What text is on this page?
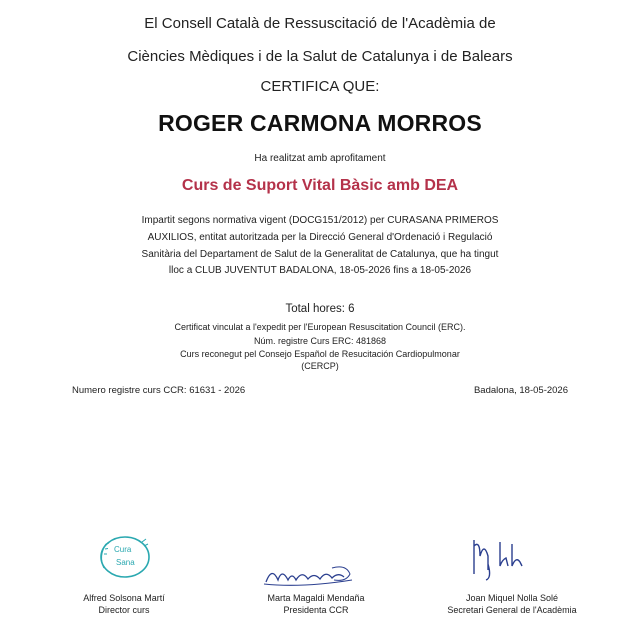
El Consell Català de Ressuscitació de l'Acadèmia de
Ciències Mèdiques i de la Salut de Catalunya i de Balears
CERTIFICA QUE:
ROGER CARMONA MORROS
Ha realitzat amb aprofitament
Curs de Suport Vital Bàsic amb DEA
Impartit segons normativa vigent (DOCG151/2012) per CURASANA PRIMEROS
AUXILIOS, entitat autoritzada per la Direcció General d'Ordenació i Regulació
Sanitària del Departament de Salut de la Generalitat de Catalunya, que ha tingut
lloc a CLUB JUVENTUT BADALONA, 18-05-2026 fins a 18-05-2026
Total hores: 6
Certificat vinculat a l'expedit per l'European Resuscitation Council (ERC).
Núm. registre Curs ERC: 481868
Curs reconegut pel Consejo Español de Resucitación Cardiopulmonar
(CERCP)
Numero registre curs CCR: 61631 - 2026	Badalona, 18-05-2026
Cura
Sana
Alfred Solsona Martí
Director curs
Marta Magaldi Mendaña
Presidenta CCR
Joan Miquel Nolla Solé
Secretari General de l'Acadèmia
